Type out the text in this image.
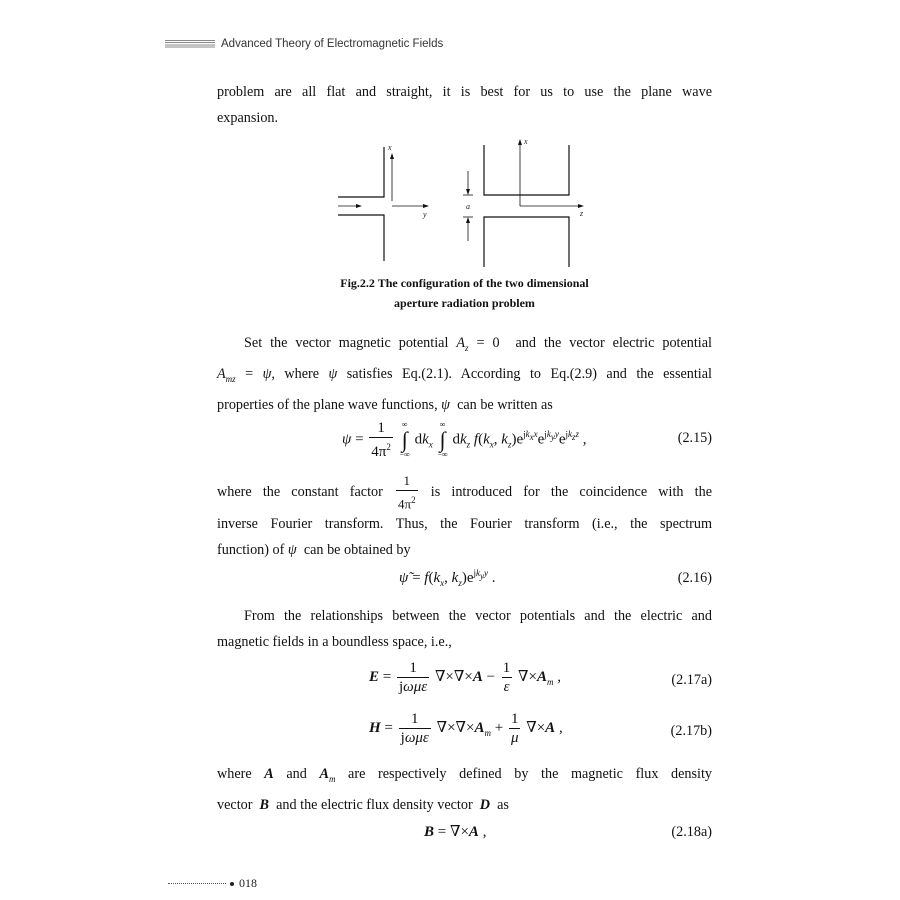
Advanced Theory of Electromagnetic Fields
problem are all flat and straight, it is best for us to use the plane wave
expansion.
x
y
x
z
a
Fig.2.2 The configuration of the two dimensional
aperture radiation problem
Set the vector magnetic potential $A_z = 0$  and the vector electric potential
$A_{mz} = \psi$, where ψ satisfies Eq.(2.1). According to Eq.(2.9) and the essential
properties of the plane wave functions, ψ can be written as
$\psi = \frac{1}{4\pi^2}$
∞
∫
−∞
$dk_x$
∞
∫
−∞
$dk_z$ $f(k_x$, $k_z)e^{jk_xx}e^{jk_yy}e^{jk_zz}$ ,	(2.15)
where the constant factor $\frac{1}{4\pi^2}$ is introduced for the coincidence with the
inverse Fourier transform. Thus, the Fourier transform (i.e., the spectrum
function) of ψ can be obtained by
ψ̃ = $f(k_x$, $k_z)e^{jk_yy}$ .	(2.16)
From the relationships between the vector potentials and the electric and
magnetic fields in a boundless space, i.e.,
$E = \frac{1}{\text{jωμε}} \nabla\times\nabla\times A - \frac{1}{\varepsilon} \nabla\times A_m$ ,	(2.17a)
$H = \frac{1}{\text{jωμε}} \nabla\times\nabla\times A_m + \frac{1}{\mu} \nabla\times A$ ,	(2.17b)
where A and $A_m$ are respectively defined by the magnetic flux density
vector B and the electric flux density vector D as
B = ∇×A ,	(2.18a)
018
